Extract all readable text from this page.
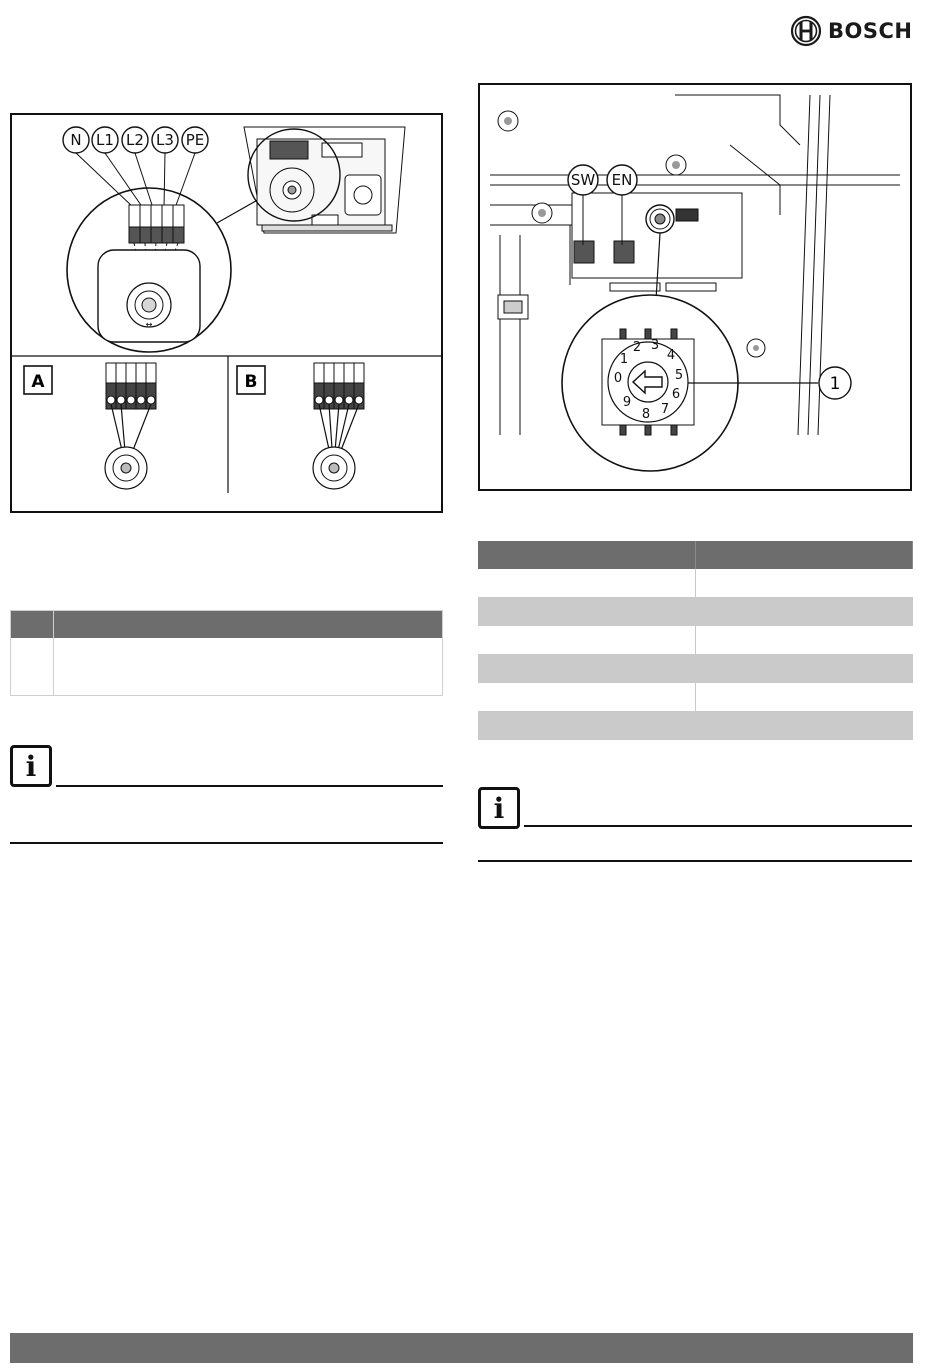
BOSCH
N L1 L2 L3 PE
↔
A	B
SW EN
0
1
2 3
4
5
6
7
8
9
1
i
i
